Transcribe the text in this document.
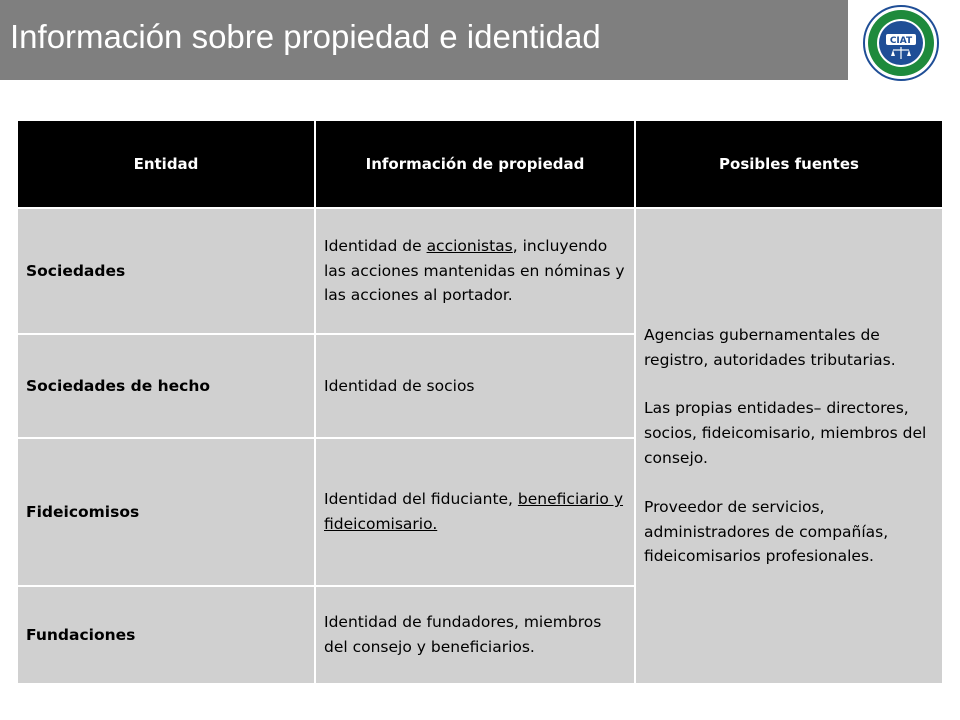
Información sobre propiedad e identidad	CIAT
Entidad	Información de propiedad	Posibles fuentes
Sociedades	Identidad de accionistas, incluyendo las acciones mantenidas en nóminas y las acciones al portador.	Agencias gubernamentales de registro, autoridades tributarias.
Las propias entidades– directores, socios, fideicomisario, miembros del consejo.
Proveedor de servicios, administradores de compañías, fideicomisarios profesionales.

Sociedades de hecho	Identidad de socios	
Fideicomisos	Identidad del fiduciante, beneficiario y fideicomisario.	
Fundaciones	Identidad de fundadores, miembros del consejo y beneficiarios.	
